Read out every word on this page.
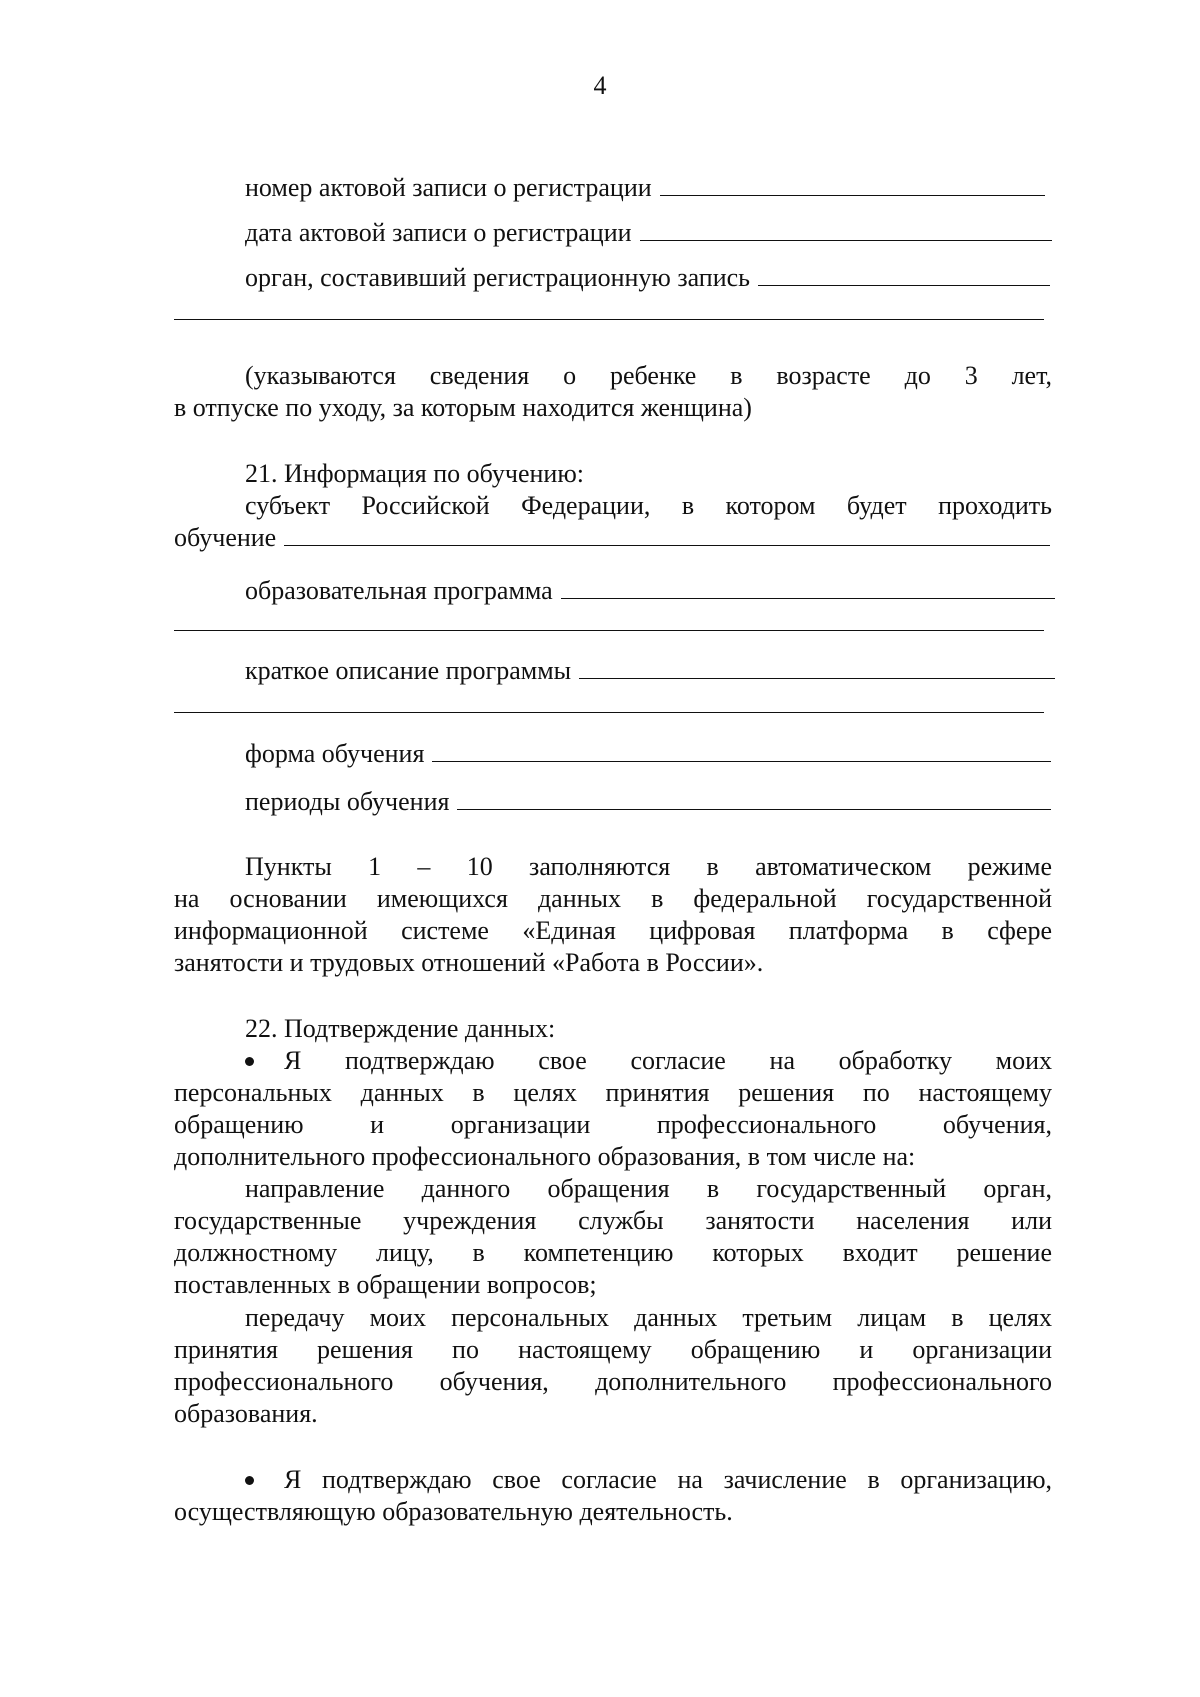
4
номер актовой записи о регистрации
дата актовой записи о регистрации
орган, составивший регистрационную запись
(указываются сведения о ребенке в возрасте до 3 лет,
в отпуске по уходу, за которым находится женщина)
21. Информация по обучению:
субъект Российской Федерации, в котором будет проходить
обучение
образовательная программа
краткое описание программы
форма обучения
периоды обучения
Пункты 1 – 10 заполняются в автоматическом режиме
на основании имеющихся данных в федеральной государственной
информационной системе «Единая цифровая платформа в сфере
занятости и трудовых отношений «Работа в России».
22. Подтверждение данных:
Я подтверждаю свое согласие на обработку моих
персональных данных в целях принятия решения по настоящему
обращению и организации профессионального обучения,
дополнительного профессионального образования, в том числе на:
направление данного обращения в государственный орган,
государственные учреждения службы занятости населения или
должностному лицу, в компетенцию которых входит решение
поставленных в обращении вопросов;
передачу моих персональных данных третьим лицам в целях
принятия решения по настоящему обращению и организации
профессионального обучения, дополнительного профессионального
образования.
Я подтверждаю свое согласие на зачисление в организацию,
осуществляющую образовательную деятельность.
